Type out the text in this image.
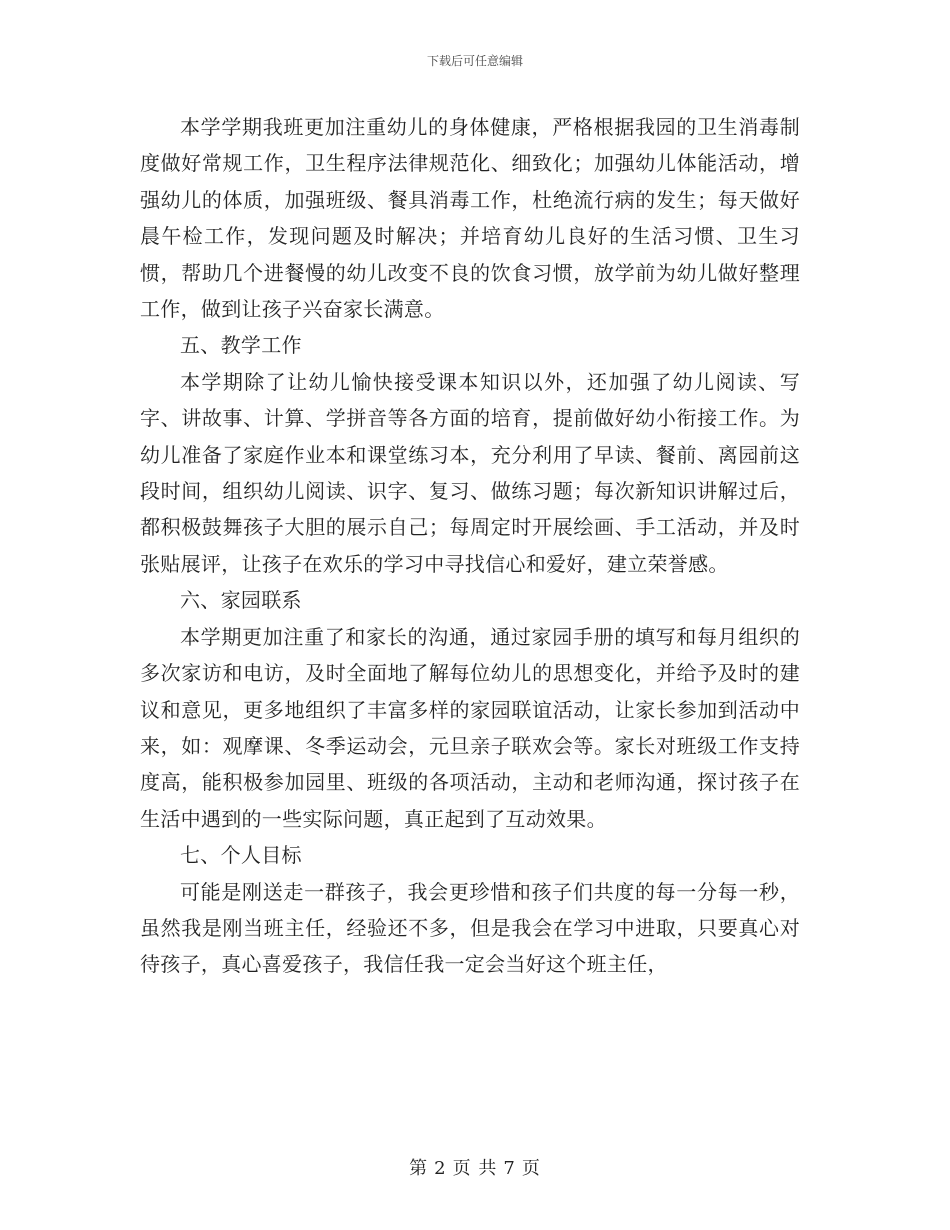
下载后可任意编辑

本学学期我班更加注重幼儿的身体健康，严格根据我园的卫生消毒制度做好常规工作，卫生程序法律规范化、细致化；加强幼儿体能活动，增强幼儿的体质，加强班级、餐具消毒工作，杜绝流行病的发生；每天做好晨午检工作，发现问题及时解决；并培育幼儿良好的生活习惯、卫生习惯，帮助几个进餐慢的幼儿改变不良的饮食习惯，放学前为幼儿做好整理工作，做到让孩子兴奋家长满意。

五、教学工作

本学期除了让幼儿愉快接受课本知识以外，还加强了幼儿阅读、写字、讲故事、计算、学拼音等各方面的培育，提前做好幼小衔接工作。为幼儿准备了家庭作业本和课堂练习本，充分利用了早读、餐前、离园前这段时间，组织幼儿阅读、识字、复习、做练习题；每次新知识讲解过后，都积极鼓舞孩子大胆的展示自己；每周定时开展绘画、手工活动，并及时张贴展评，让孩子在欢乐的学习中寻找信心和爱好，建立荣誉感。

六、家园联系

本学期更加注重了和家长的沟通，通过家园手册的填写和每月组织的多次家访和电访，及时全面地了解每位幼儿的思想变化，并给予及时的建议和意见，更多地组织了丰富多样的家园联谊活动，让家长参加到活动中来，如：观摩课、冬季运动会，元旦亲子联欢会等。家长对班级工作支持度高，能积极参加园里、班级的各项活动，主动和老师沟通，探讨孩子在生活中遇到的一些实际问题，真正起到了互动效果。

七、个人目标

可能是刚送走一群孩子，我会更珍惜和孩子们共度的每一分每一秒，虽然我是刚当班主任，经验还不多，但是我会在学习中进取，只要真心对待孩子，真心喜爱孩子，我信任我一定会当好这个班主任，

第 2 页 共 7 页
